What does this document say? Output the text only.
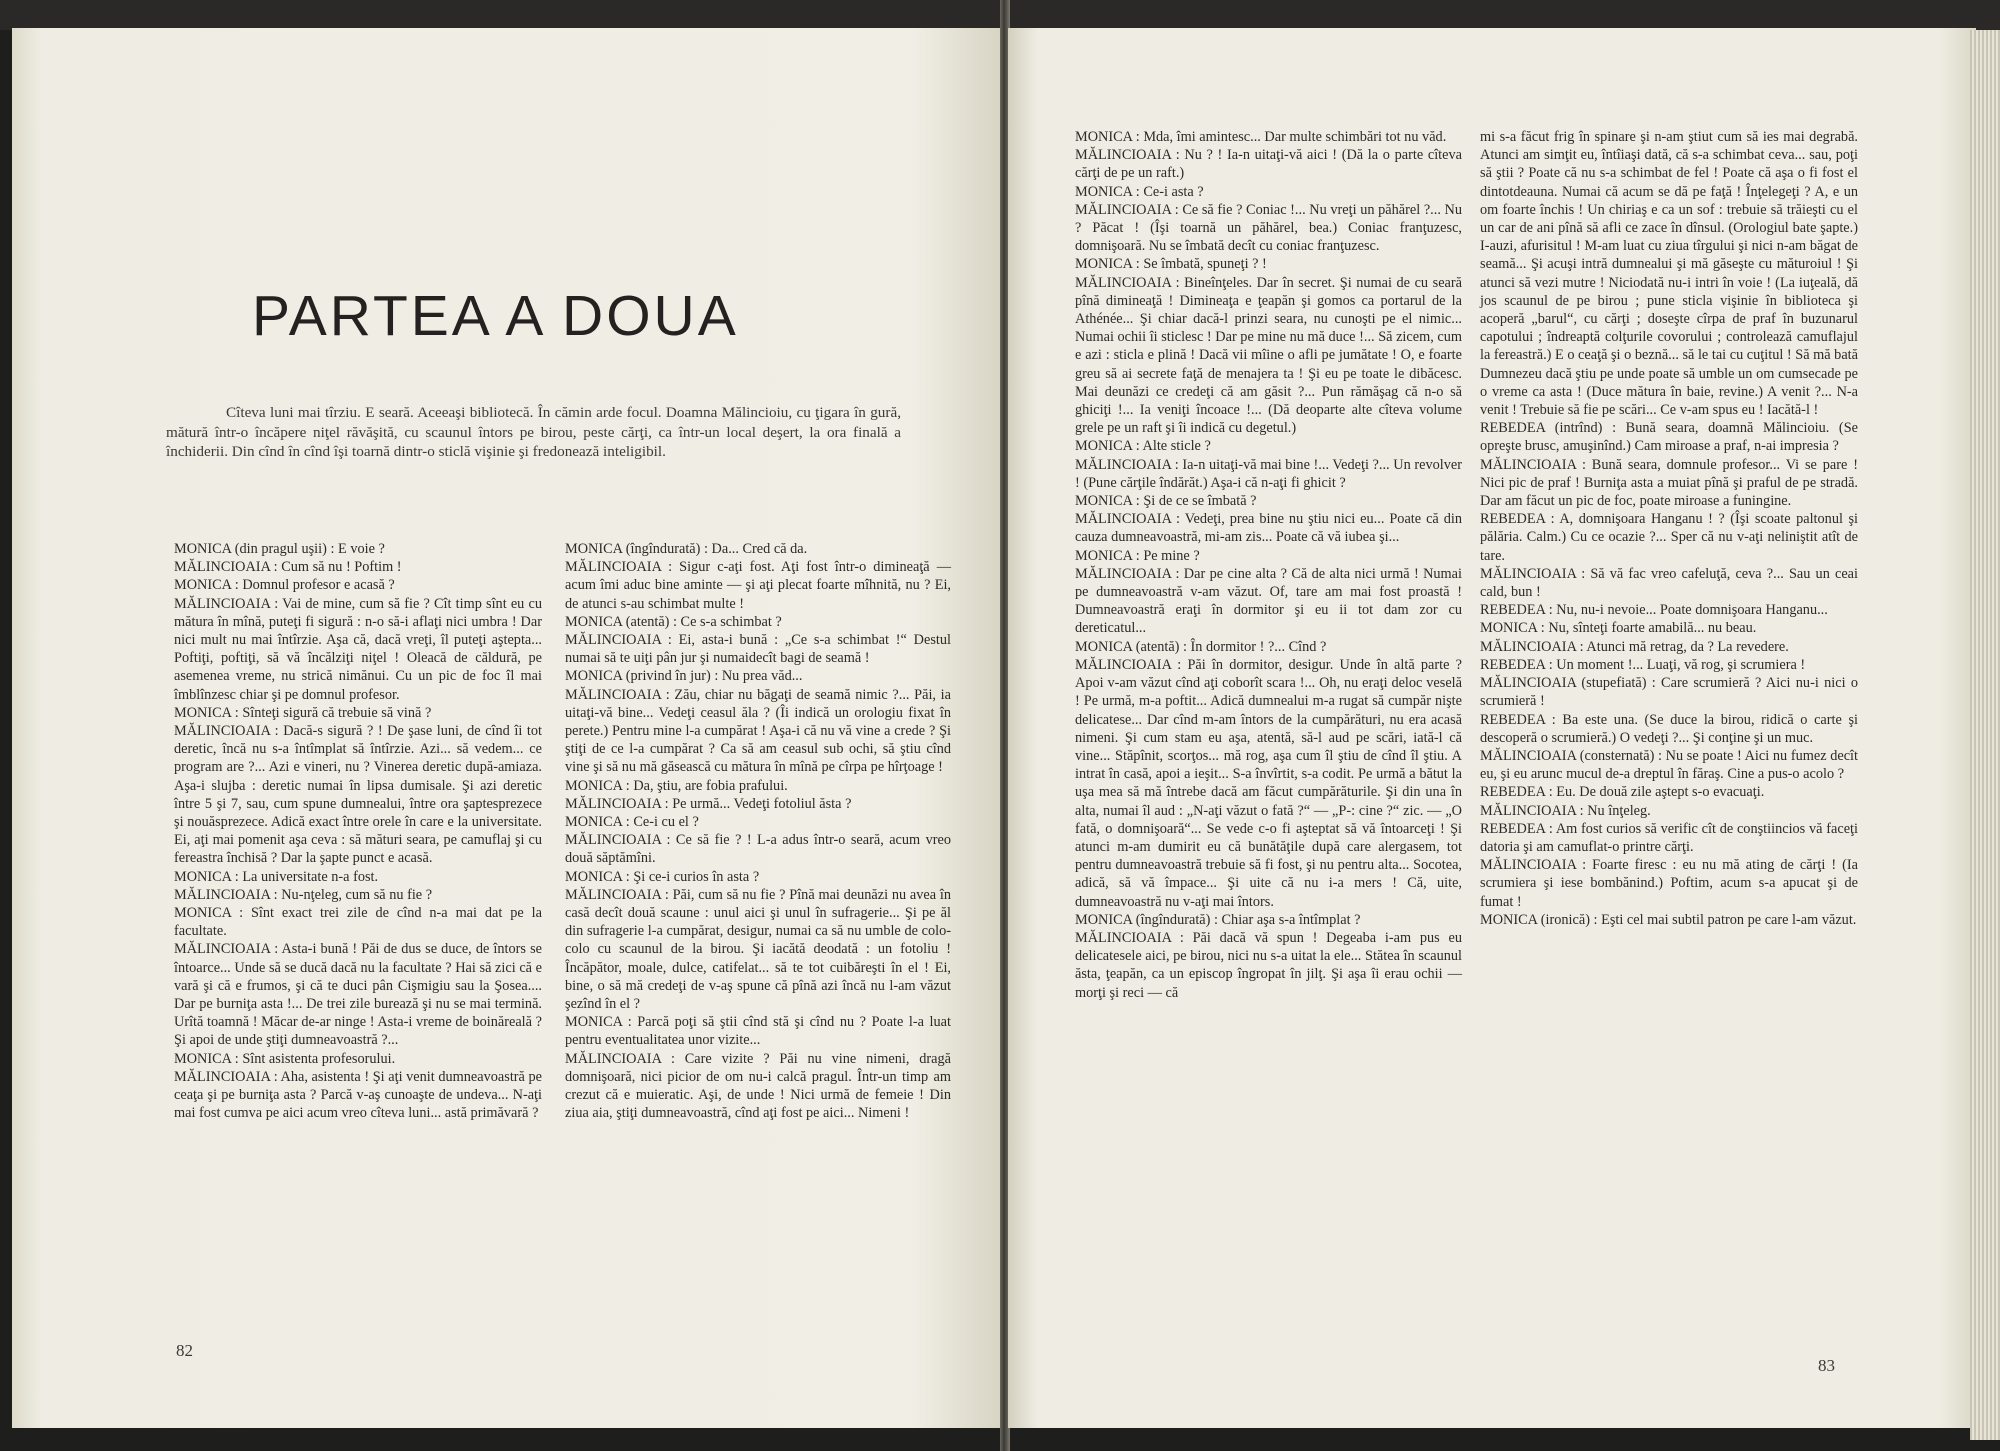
PARTEA A DOUA

Cîteva luni mai tîrziu. E seară. Aceeaşi bibliotecă. În cămin arde focul. Doamna Mălincioiu, cu ţigara în gură, mătură într-o încăpere niţel răvăşită, cu scaunul întors pe birou, peste cărţi, ca într-un local deşert, la ora finală a închiderii. Din cînd în cînd îşi toarnă dintr-o sticlă vişinie şi fredonează inteligibil.

MONICA (din pragul uşii) : E voie ?

MĂLINCIOAIA : Cum să nu ! Poftim !

MONICA : Domnul profesor e acasă ?

MĂLINCIOAIA : Vai de mine, cum să fie ? Cît timp sînt eu cu mătura în mînă, puteţi fi sigură : n-o să-i aflaţi nici umbra ! Dar nici mult nu mai întîrzie. Aşa că, dacă vreţi, îl puteţi aştepta... Poftiţi, poftiţi, să vă încălziţi niţel ! Oleacă de căldură, pe asemenea vreme, nu strică nimănui. Cu un pic de foc îl mai îmblînzesc chiar şi pe domnul profesor.

MONICA : Sînteţi sigură că trebuie să vină ?

MĂLINCIOAIA : Dacă-s sigură ? ! De şase luni, de cînd îi tot deretic, încă nu s-a întîmplat să întîrzie. Azi... să vedem... ce program are ?... Azi e vineri, nu ? Vinerea deretic după-amiaza. Aşa-i slujba : deretic numai în lipsa dumisale. Şi azi deretic între 5 şi 7, sau, cum spune dumnealui, între ora şaptesprezece şi nouăsprezece. Adică exact între orele în care e la universitate. Ei, aţi mai pomenit aşa ceva : să mături seara, pe camuflaj şi cu fereastra închisă ? Dar la şapte punct e acasă.

MONICA : La universitate n-a fost.

MĂLINCIOAIA : Nu-nţeleg, cum să nu fie ?

MONICA : Sînt exact trei zile de cînd n-a mai dat pe la facultate.

MĂLINCIOAIA : Asta-i bună ! Păi de dus se duce, de întors se întoarce... Unde să se ducă dacă nu la facultate ? Hai să zici că e vară şi că e frumos, şi că te duci pân Cişmigiu sau la Şosea.... Dar pe burniţa asta !... De trei zile burează şi nu se mai termină. Urîtă toamnă ! Măcar de-ar ninge ! Asta-i vreme de boinăreală ? Şi apoi de unde ştiţi dumneavoastră ?...

MONICA : Sînt asistenta profesorului.

MĂLINCIOAIA : Aha, asistenta ! Şi aţi venit dumneavoastră pe ceaţa şi pe burniţa asta ? Parcă v-aş cunoaşte de undeva... N-aţi mai fost cumva pe aici acum vreo cîteva luni... astă primăvară ?

MONICA (îngîndurată) : Da... Cred că da.

MĂLINCIOAIA : Sigur c-aţi fost. Aţi fost într-o dimineaţă — acum îmi aduc bine aminte — şi aţi plecat foarte mîhnită, nu ? Ei, de atunci s-au schimbat multe !

MONICA (atentă) : Ce s-a schimbat ?

MĂLINCIOAIA : Ei, asta-i bună : „Ce s-a schimbat !“ Destul numai să te uiţi pân jur şi numaidecît bagi de seamă !

MONICA (privind în jur) : Nu prea văd...

MĂLINCIOAIA : Zău, chiar nu băgaţi de seamă nimic ?... Păi, ia uitaţi-vă bine... Vedeţi ceasul ăla ? (Îi indică un orologiu fixat în perete.) Pentru mine l-a cumpărat ! Aşa-i că nu vă vine a crede ? Şi ştiţi de ce l-a cumpărat ? Ca să am ceasul sub ochi, să ştiu cînd vine şi să nu mă găsească cu mătura în mînă pe cîrpa pe hîrţoage !

MONICA : Da, ştiu, are fobia prafului.

MĂLINCIOAIA : Pe urmă... Vedeţi fotoliul ăsta ?

MONICA : Ce-i cu el ?

MĂLINCIOAIA : Ce să fie ? ! L-a adus într-o seară, acum vreo două săptămîni.

MONICA : Şi ce-i curios în asta ?

MĂLINCIOAIA : Păi, cum să nu fie ? Pînă mai deunăzi nu avea în casă decît două scaune : unul aici şi unul în sufragerie... Şi pe ăl din sufragerie l-a cumpărat, desigur, numai ca să nu umble de colo-colo cu scaunul de la birou. Şi iacătă deodată : un fotoliu ! Încăpător, moale, dulce, catifelat... să te tot cuibăreşti în el ! Ei, bine, o să mă credeţi de v-aş spune că pînă azi încă nu l-am văzut şezînd în el ?

MONICA : Parcă poţi să ştii cînd stă şi cînd nu ? Poate l-a luat pentru eventualitatea unor vizite...

MĂLINCIOAIA : Care vizite ? Păi nu vine nimeni, dragă domnişoară, nici picior de om nu-i calcă pragul. Într-un timp am crezut că e muieratic. Aşi, de unde ! Nici urmă de femeie ! Din ziua aia, ştiţi dumneavoastră, cînd aţi fost pe aici... Nimeni !

82

MONICA : Mda, îmi amintesc... Dar multe schimbări tot nu văd.

MĂLINCIOAIA : Nu ? ! Ia-n uitaţi-vă aici ! (Dă la o parte cîteva cărţi de pe un raft.)

MONICA : Ce-i asta ?

MĂLINCIOAIA : Ce să fie ? Coniac !... Nu vreţi un păhărel ?... Nu ? Păcat ! (Îşi toarnă un păhărel, bea.) Coniac franţuzesc, domnişoară. Nu se îmbată decît cu coniac franţuzesc.

MONICA : Se îmbată, spuneţi ? !

MĂLINCIOAIA : Bineînţeles. Dar în secret. Şi numai de cu seară pînă dimineaţă ! Dimineaţa e ţeapăn şi gomos ca portarul de la Athénée... Şi chiar dacă-l prinzi seara, nu cunoşti pe el nimic... Numai ochii îi sticlesc ! Dar pe mine nu mă duce !... Să zicem, cum e azi : sticla e plină ! Dacă vii mîine o afli pe jumătate ! O, e foarte greu să ai secrete faţă de menajera ta ! Şi eu pe toate le dibăcesc. Mai deunăzi ce credeţi că am găsit ?... Pun rămăşag că n-o să ghiciţi !... Ia veniţi încoace !... (Dă deoparte alte cîteva volume grele pe un raft şi îi indică cu degetul.)

MONICA : Alte sticle ?

MĂLINCIOAIA : Ia-n uitaţi-vă mai bine !... Vedeţi ?... Un revolver ! (Pune cărţile îndărăt.) Aşa-i că n-aţi fi ghicit ?

MONICA : Şi de ce se îmbată ?

MĂLINCIOAIA : Vedeţi, prea bine nu ştiu nici eu... Poate că din cauza dumneavoastră, mi-am zis... Poate că vă iubea şi...

MONICA : Pe mine ?

MĂLINCIOAIA : Dar pe cine alta ? Că de alta nici urmă ! Numai pe dumneavoastră v-am văzut. Of, tare am mai fost proastă ! Dumneavoastră eraţi în dormitor şi eu ii tot dam zor cu dereticatul...

MONICA (atentă) : În dormitor ! ?... Cînd ?

MĂLINCIOAIA : Păi în dormitor, desigur. Unde în altă parte ? Apoi v-am văzut cînd aţi coborît scara !... Oh, nu eraţi deloc veselă ! Pe urmă, m-a poftit... Adică dumnealui m-a rugat să cumpăr nişte delicatese... Dar cînd m-am întors de la cumpărături, nu era acasă nimeni. Şi cum stam eu aşa, atentă, să-l aud pe scări, iată-l că vine... Stăpînit, scorţos... mă rog, aşa cum îl ştiu de cînd îl ştiu. A intrat în casă, apoi a ieşit... S-a învîrtit, s-a codit. Pe urmă a bătut la uşa mea să mă întrebe dacă am făcut cumpărăturile. Şi din una în alta, numai îl aud : „N-aţi văzut o fată ?“ — „P-: cine ?“ zic. — „O fată, o domnişoară“... Se vede c-o fi aşteptat să vă întoarceţi ! Şi atunci m-am dumirit eu că bunătăţile după care alergasem, tot pentru dumneavoastră trebuie să fi fost, şi nu pentru alta... Socotea, adică, să vă împace... Şi uite că nu i-a mers ! Că, uite, dumneavoastră nu v-aţi mai întors.

MONICA (îngîndurată) : Chiar aşa s-a întîmplat ?

MĂLINCIOAIA : Păi dacă vă spun ! Degeaba i-am pus eu delicatesele aici, pe birou, nici nu s-a uitat la ele... Stătea în scaunul ăsta, ţeapăn, ca un episcop îngropat în jilţ. Şi aşa îi erau ochii — morţi şi reci — că

mi s-a făcut frig în spinare şi n-am ştiut cum să ies mai degrabă. Atunci am simţit eu, întîiaşi dată, că s-a schimbat ceva... sau, poţi să ştii ? Poate că nu s-a schimbat de fel ! Poate că aşa o fi fost el dintotdeauna. Numai că acum se dă pe faţă ! Înţelegeţi ? A, e un om foarte închis ! Un chiriaş e ca un sof : trebuie să trăieşti cu el un car de ani pînă să afli ce zace în dînsul. (Orologiul bate şapte.) I-auzi, afurisitul ! M-am luat cu ziua tîrgului şi nici n-am băgat de seamă... Şi acuşi intră dumnealui şi mă găseşte cu măturoiul ! Şi atunci să vezi mutre ! Niciodată nu-i intri în voie ! (La iuţeală, dă jos scaunul de pe birou ; pune sticla vişinie în biblioteca şi acoperă „barul“, cu cărţi ; doseşte cîrpa de praf în buzunarul capotului ; îndreaptă colţurile covorului ; controlează camuflajul la fereastră.) E o ceaţă şi o beznă... să le tai cu cuţitul ! Să mă bată Dumnezeu dacă ştiu pe unde poate să umble un om cumsecade pe o vreme ca asta ! (Duce mătura în baie, revine.) A venit ?... N-a venit ! Trebuie să fie pe scări... Ce v-am spus eu ! Iacătă-l !

REBEDEA (intrînd) : Bună seara, doamnă Mălincioiu. (Se opreşte brusc, amuşinînd.) Cam miroase a praf, n-ai impresia ?

MĂLINCIOAIA : Bună seara, domnule profesor... Vi se pare ! Nici pic de praf ! Burniţa asta a muiat pînă şi praful de pe stradă. Dar am făcut un pic de foc, poate miroase a funingine.

REBEDEA : A, domnişoara Hanganu ! ? (Îşi scoate paltonul şi pălăria. Calm.) Cu ce ocazie ?... Sper că nu v-aţi neliniştit atît de tare.

MĂLINCIOAIA : Să vă fac vreo cafeluţă, ceva ?... Sau un ceai cald, bun !

REBEDEA : Nu, nu-i nevoie... Poate domnişoara Hanganu...

MONICA : Nu, sînteţi foarte amabilă... nu beau.

MĂLINCIOAIA : Atunci mă retrag, da ? La revedere.

REBEDEA : Un moment !... Luaţi, vă rog, şi scrumiera !

MĂLINCIOAIA (stupefiată) : Care scrumieră ? Aici nu-i nici o scrumieră !

REBEDEA : Ba este una. (Se duce la birou, ridică o carte şi descoperă o scrumieră.) O vedeţi ?... Şi conţine şi un muc.

MĂLINCIOAIA (consternată) : Nu se poate ! Aici nu fumez decît eu, şi eu arunc mucul de-a dreptul în făraş. Cine a pus-o acolo ?

REBEDEA : Eu. De două zile aştept s-o evacuaţi.

MĂLINCIOAIA : Nu înţeleg.

REBEDEA : Am fost curios să verific cît de conştiincios vă faceţi datoria şi am camuflat-o printre cărţi.

MĂLINCIOAIA : Foarte firesc : eu nu mă ating de cărţi ! (Ia scrumiera şi iese bombănind.) Poftim, acum s-a apucat şi de fumat !

MONICA (ironică) : Eşti cel mai subtil patron pe care l-am văzut.

83
